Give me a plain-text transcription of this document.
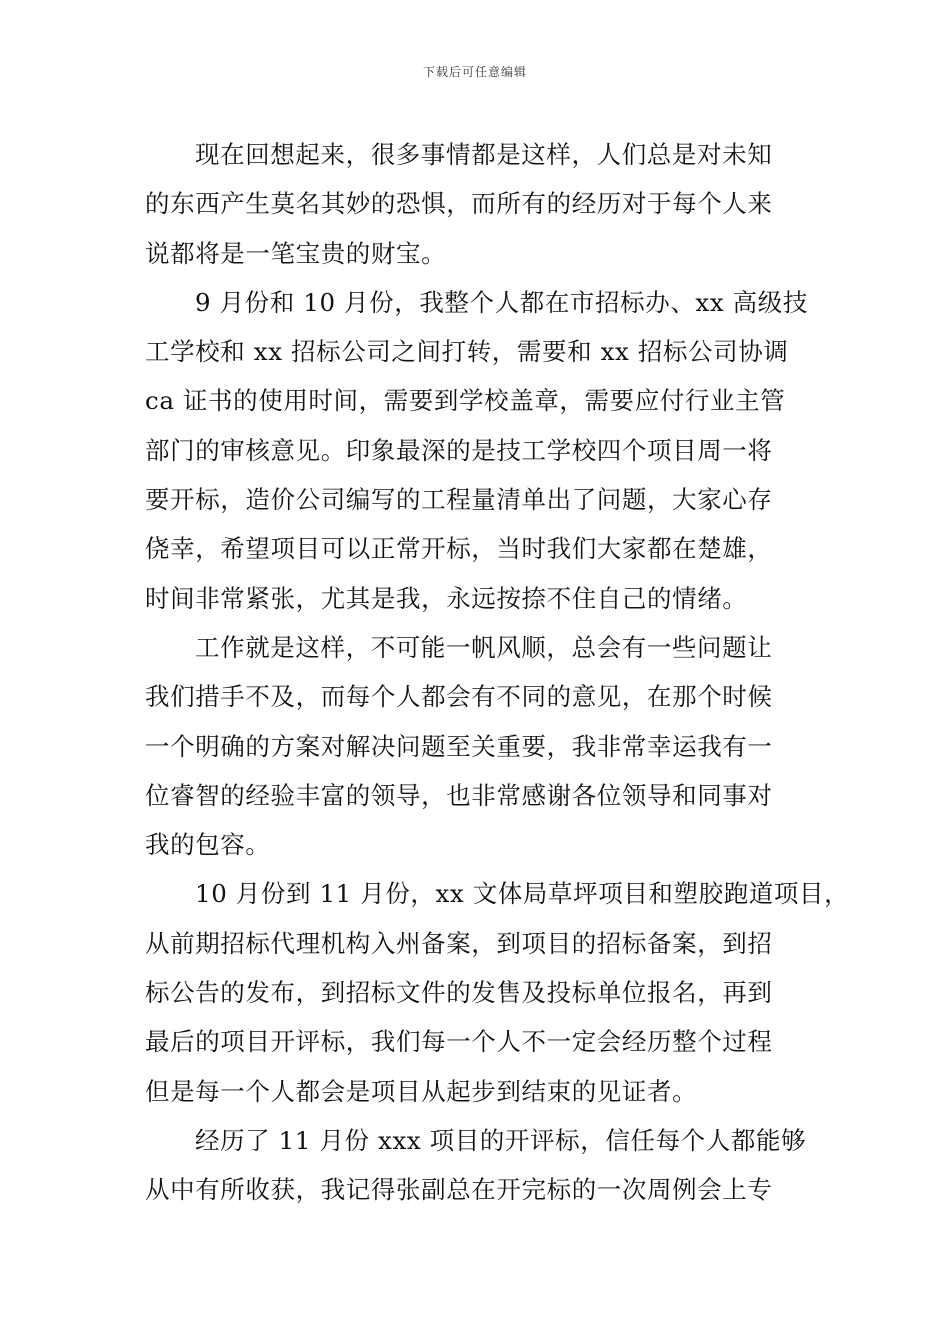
下载后可任意编辑
现在回想起来，很多事情都是这样，人们总是对未知
的东西产生莫名其妙的恐惧，而所有的经历对于每个人来
说都将是一笔宝贵的财宝。
9 月份和 10 月份，我整个人都在市招标办、xx 高级技
工学校和 xx 招标公司之间打转，需要和 xx 招标公司协调
ca 证书的使用时间，需要到学校盖章，需要应付行业主管
部门的审核意见。印象最深的是技工学校四个项目周一将
要开标，造价公司编写的工程量清单出了问题，大家心存
侥幸，希望项目可以正常开标，当时我们大家都在楚雄，
时间非常紧张，尤其是我，永远按捺不住自己的情绪。
工作就是这样，不可能一帆风顺，总会有一些问题让
我们措手不及，而每个人都会有不同的意见，在那个时候
一个明确的方案对解决问题至关重要，我非常幸运我有一
位睿智的经验丰富的领导，也非常感谢各位领导和同事对
我的包容。
10 月份到 11 月份，xx 文体局草坪项目和塑胶跑道项目，
从前期招标代理机构入州备案，到项目的招标备案，到招
标公告的发布，到招标文件的发售及投标单位报名，再到
最后的项目开评标，我们每一个人不一定会经历整个过程
但是每一个人都会是项目从起步到结束的见证者。
经历了 11 月份 xxx 项目的开评标，信任每个人都能够
从中有所收获，我记得张副总在开完标的一次周例会上专
